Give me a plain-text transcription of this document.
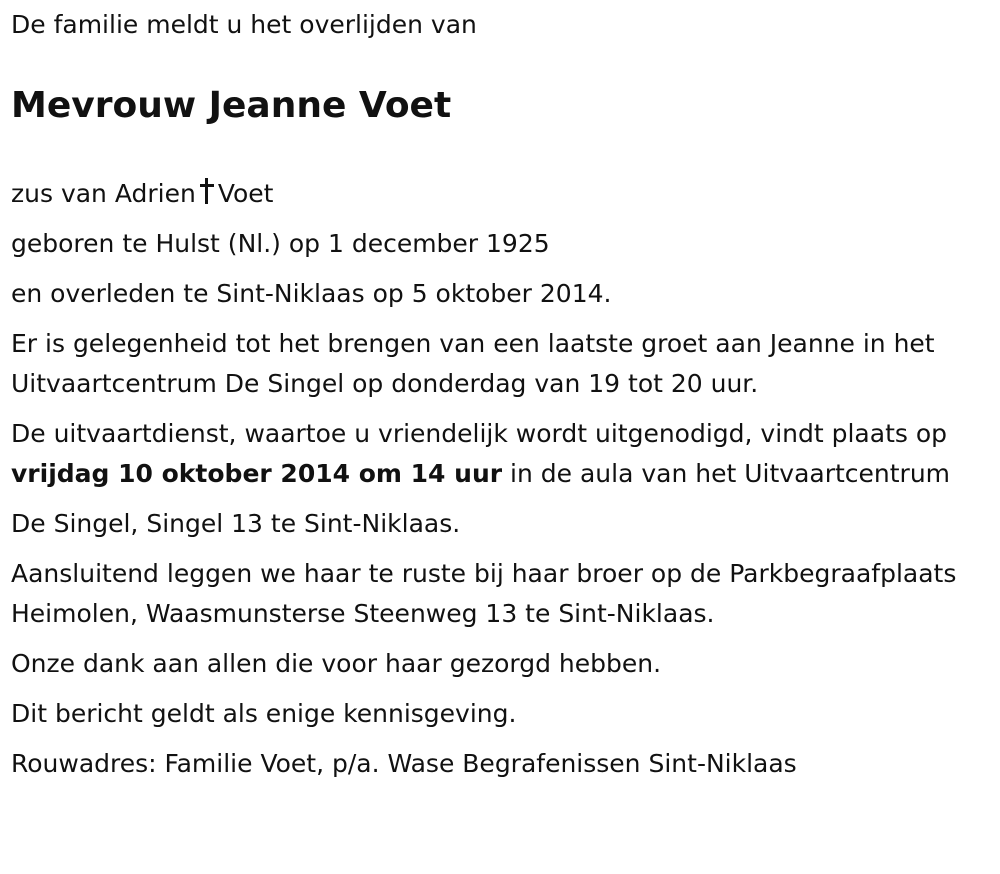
De familie meldt u het overlijden van
Mevrouw Jeanne Voet

zus van Adrien Voet

geboren te Hulst (Nl.) op 1 december 1925

en overleden te Sint-Niklaas op 5 oktober 2014.

Er is gelegenheid tot het brengen van een laatste groet aan Jeanne in het Uitvaartcentrum De Singel op donderdag van 19 tot 20 uur.

De uitvaartdienst, waartoe u vriendelijk wordt uitgenodigd, vindt plaats op vrijdag 10 oktober 2014 om 14 uur in de aula van het Uitvaartcentrum

De Singel, Singel 13 te Sint-Niklaas.

Aansluitend leggen we haar te ruste bij haar broer op de Parkbegraafplaats Heimolen, Waasmunsterse Steenweg 13 te Sint-Niklaas.

Onze dank aan allen die voor haar gezorgd hebben.

Dit bericht geldt als enige kennisgeving.

Rouwadres: Familie Voet, p/a. Wase Begrafenissen Sint-Niklaas
